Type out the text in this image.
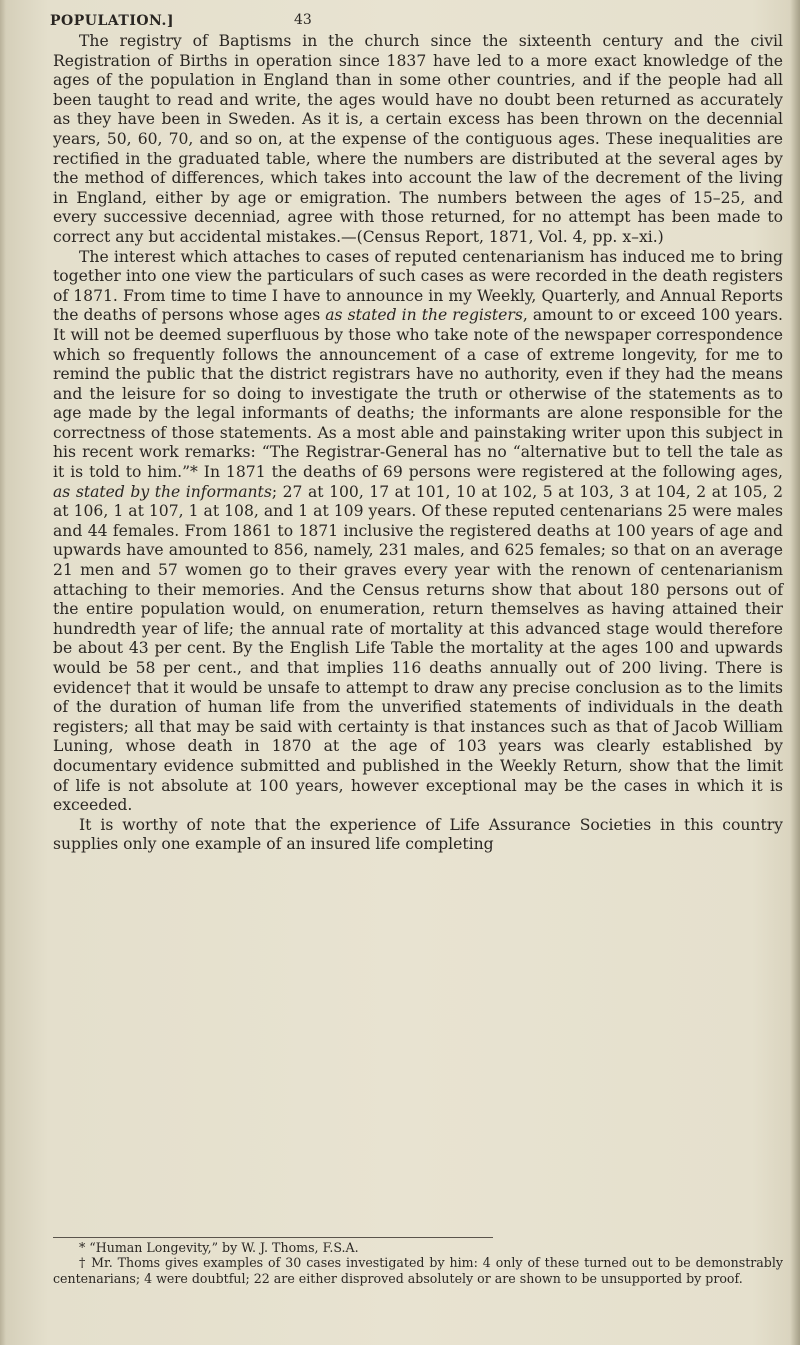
POPULATION.]	43

The registry of Baptisms in the church since the sixteenth century and the civil Registration of Births in operation since 1837 have led to a more exact knowledge of the ages of the population in England than in some other countries, and if the people had all been taught to read and write, the ages would have no doubt been returned as accurately as they have been in Sweden. As it is, a certain excess has been thrown on the decennial years, 50, 60, 70, and so on, at the expense of the contiguous ages. These inequalities are rectified in the graduated table, where the numbers are distributed at the several ages by the method of differences, which takes into account the law of the decrement of the living in England, either by age or emigration. The numbers between the ages of 15–25, and every successive decenniad, agree with those returned, for no attempt has been made to correct any but accidental mistakes.—(Census Report, 1871, Vol. 4, pp. x–xi.)

The interest which attaches to cases of reputed centenarianism has induced me to bring together into one view the particulars of such cases as were recorded in the death registers of 1871. From time to time I have to announce in my Weekly, Quarterly, and Annual Reports the deaths of persons whose ages as stated in the registers, amount to or exceed 100 years. It will not be deemed superfluous by those who take note of the newspaper correspondence which so frequently follows the announcement of a case of extreme longevity, for me to remind the public that the district registrars have no authority, even if they had the means and the leisure for so doing to investigate the truth or otherwise of the statements as to age made by the legal informants of deaths; the informants are alone responsible for the correctness of those statements. As a most able and painstaking writer upon this subject in his recent work remarks: “The Registrar-General has no “alternative but to tell the tale as it is told to him.”* In 1871 the deaths of 69 persons were registered at the following ages, as stated by the informants; 27 at 100, 17 at 101, 10 at 102, 5 at 103, 3 at 104, 2 at 105, 2 at 106, 1 at 107, 1 at 108, and 1 at 109 years. Of these reputed centenarians 25 were males and 44 females. From 1861 to 1871 inclusive the registered deaths at 100 years of age and upwards have amounted to 856, namely, 231 males, and 625 females; so that on an average 21 men and 57 women go to their graves every year with the renown of centenarianism attaching to their memories. And the Census returns show that about 180 persons out of the entire population would, on enumeration, return themselves as having attained their hundredth year of life; the annual rate of mortality at this advanced stage would therefore be about 43 per cent. By the English Life Table the mortality at the ages 100 and upwards would be 58 per cent., and that implies 116 deaths annually out of 200 living. There is evidence† that it would be unsafe to attempt to draw any precise conclusion as to the limits of the duration of human life from the unverified statements of individuals in the death registers; all that may be said with certainty is that instances such as that of Jacob William Luning, whose death in 1870 at the age of 103 years was clearly established by documentary evidence submitted and published in the Weekly Return, show that the limit of life is not absolute at 100 years, however exceptional may be the cases in which it is exceeded.

It is worthy of note that the experience of Life Assurance Societies in this country supplies only one example of an insured life completing

* “Human Longevity,” by W. J. Thoms, F.S.A.

† Mr. Thoms gives examples of 30 cases investigated by him: 4 only of these turned out to be demonstrably centenarians; 4 were doubtful; 22 are either disproved absolutely or are shown to be unsupported by proof.
